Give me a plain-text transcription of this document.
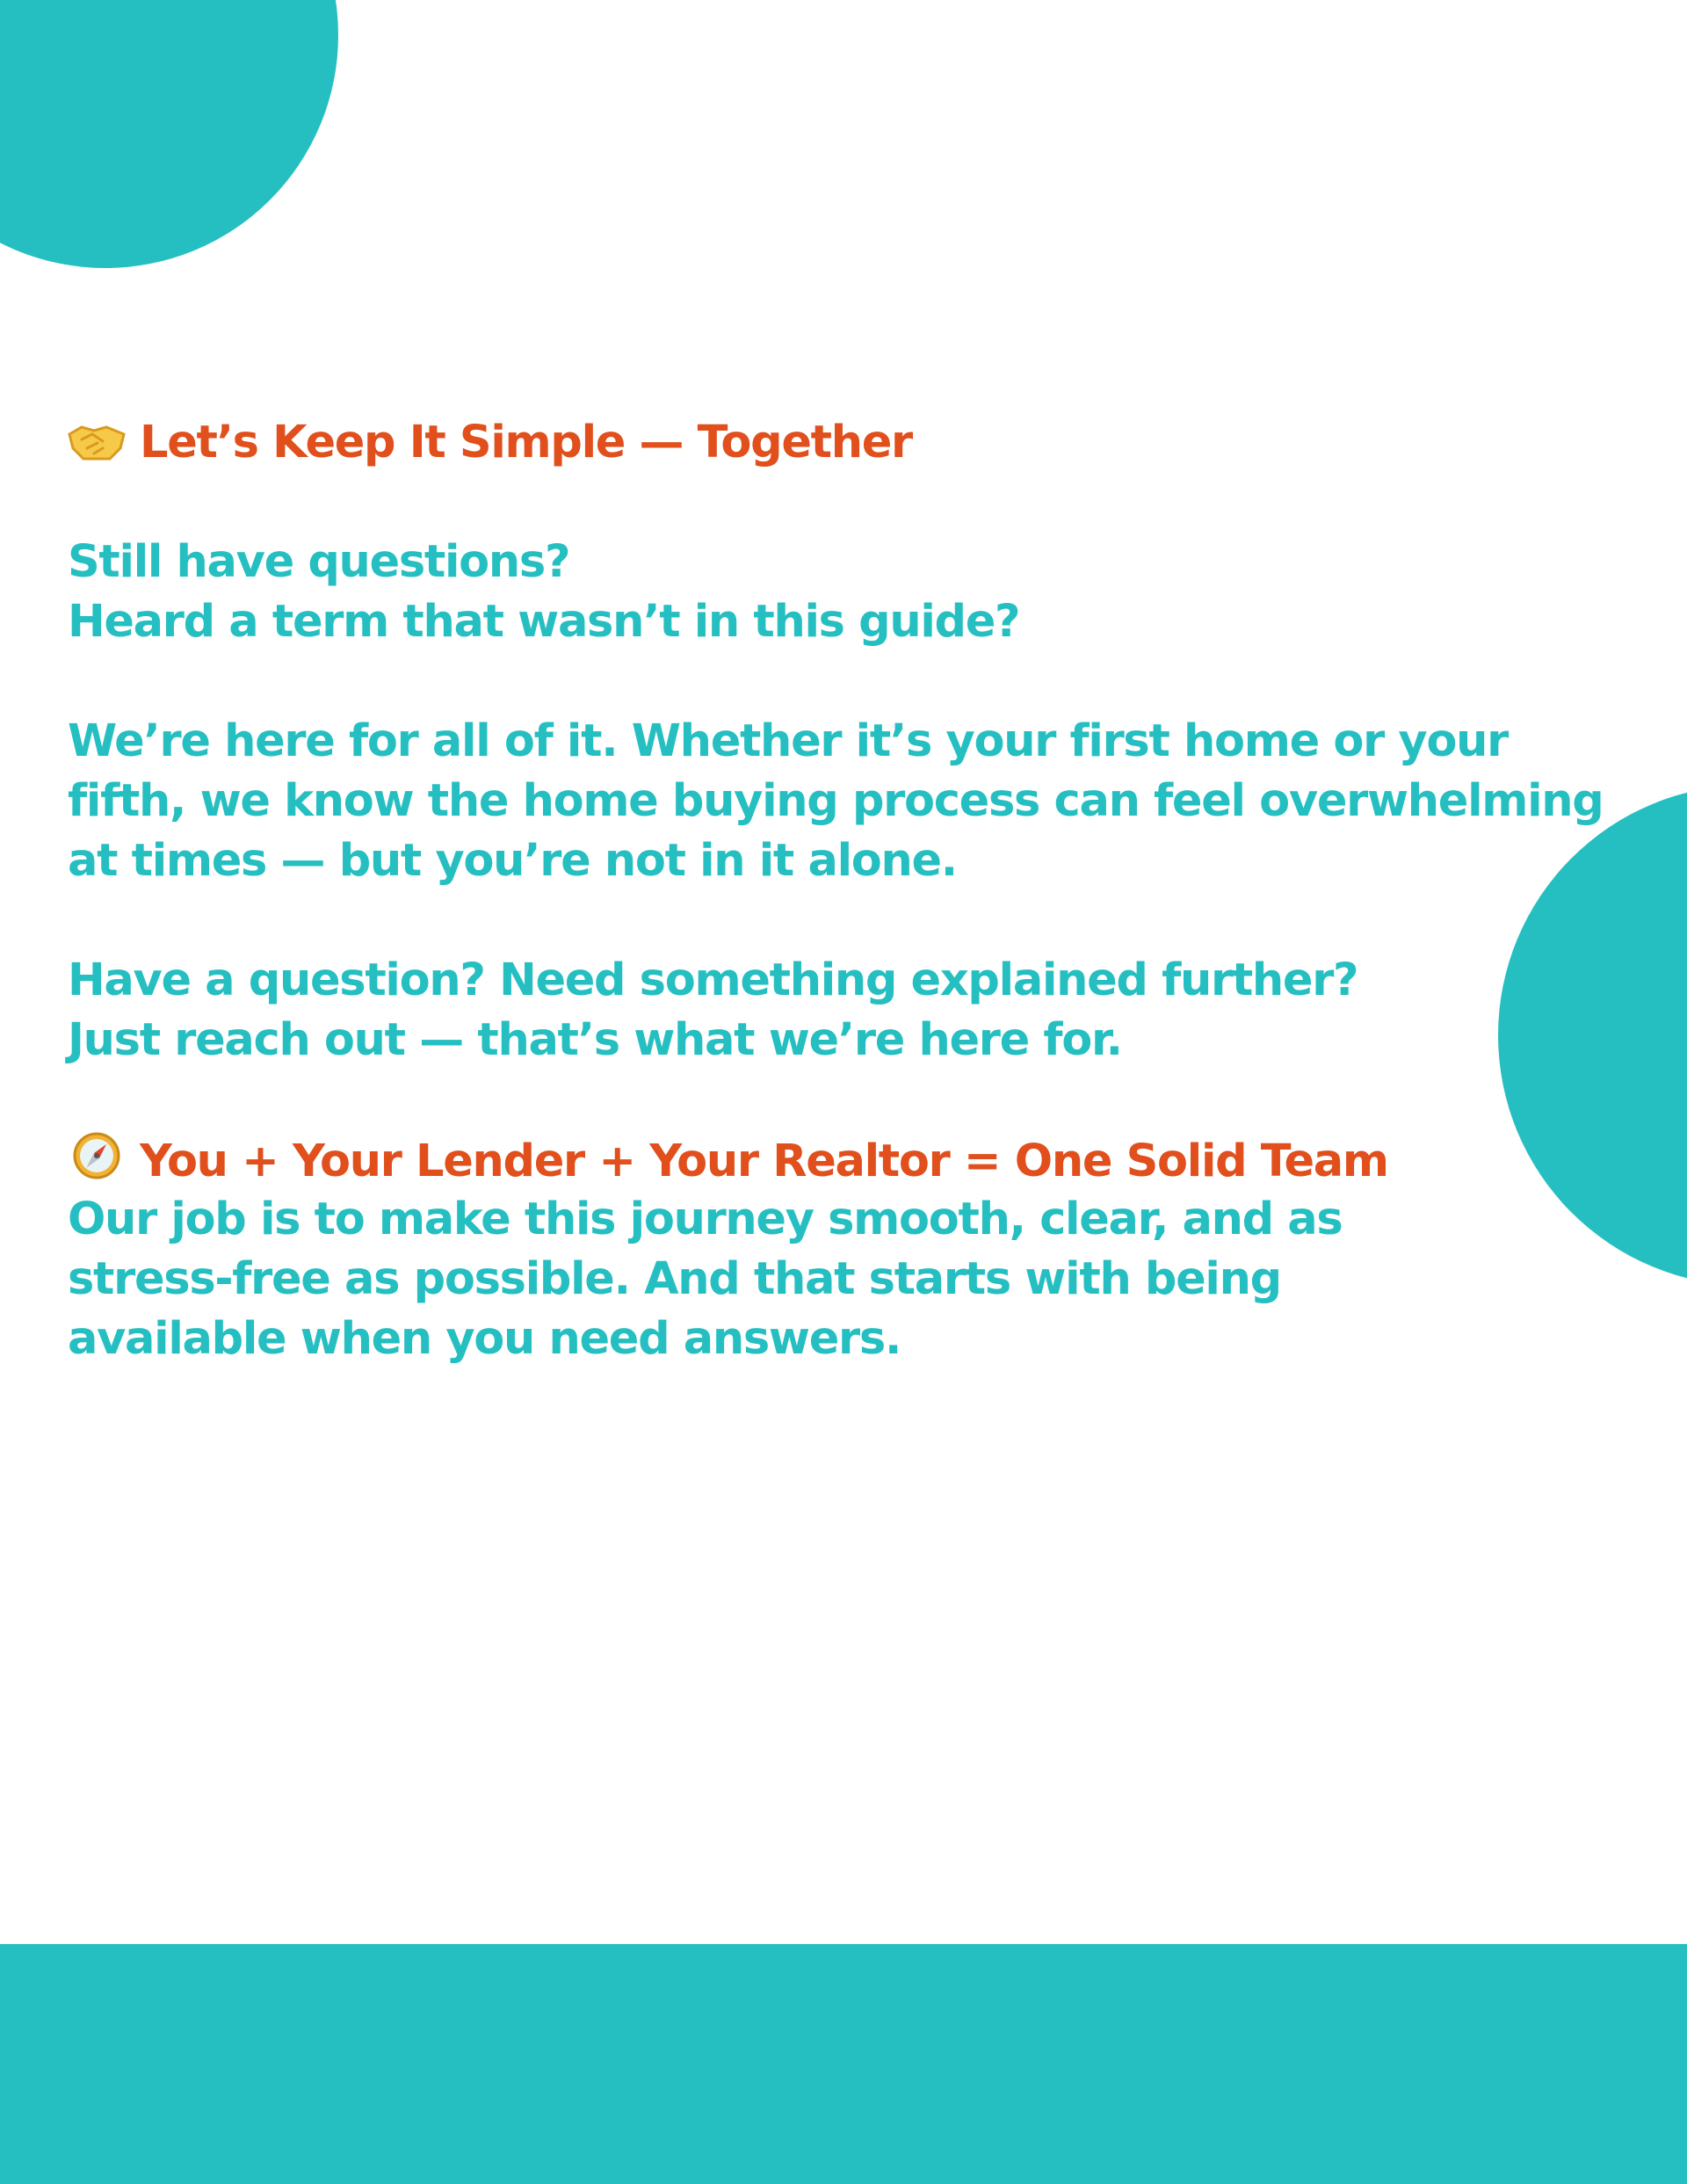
Let’s Keep It Simple — Together
Still have questions?
Heard a term that wasn’t in this guide?
We’re here for all of it. Whether it’s your first home or your
fifth, we know the home buying process can feel overwhelming
at times — but you’re not in it alone.
Have a question? Need something explained further?
Just reach out — that’s what we’re here for.
You + Your Lender + Your Realtor = One Solid Team
Our job is to make this journey smooth, clear, and as
stress-free as possible. And that starts with being
available when you need answers.
